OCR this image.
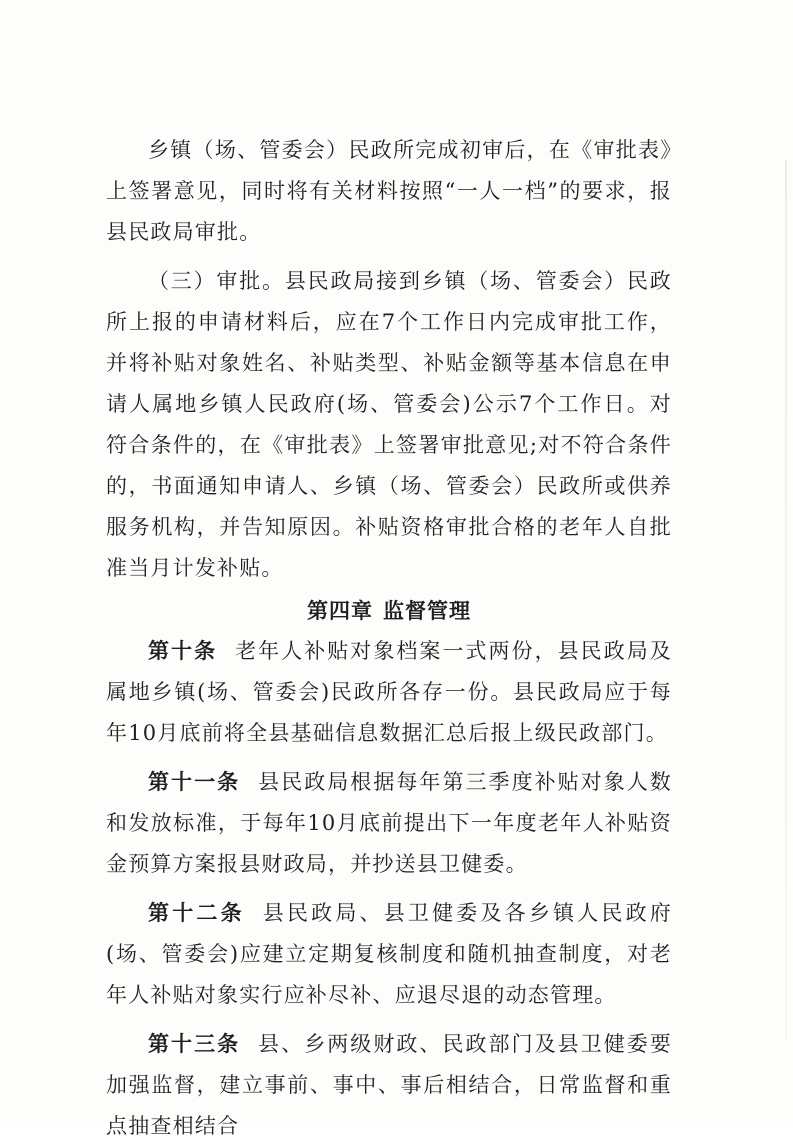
乡镇（场、管委会）民政所完成初审后，在《审批表》上签署意见，同时将有关材料按照“一人一档”的要求，报县民政局审批。

（三）审批。县民政局接到乡镇（场、管委会）民政所上报的申请材料后，应在7个工作日内完成审批工作，并将补贴对象姓名、补贴类型、补贴金额等基本信息在申请人属地乡镇人民政府(场、管委会)公示7个工作日。对符合条件的，在《审批表》上签署审批意见;对不符合条件的，书面通知申请人、乡镇（场、管委会）民政所或供养服务机构，并告知原因。补贴资格审批合格的老年人自批准当月计发补贴。

第四章 监督管理

第十条 老年人补贴对象档案一式两份，县民政局及属地乡镇(场、管委会)民政所各存一份。县民政局应于每年10月底前将全县基础信息数据汇总后报上级民政部门。

第十一条 县民政局根据每年第三季度补贴对象人数和发放标准，于每年10月底前提出下一年度老年人补贴资金预算方案报县财政局，并抄送县卫健委。

第十二条 县民政局、县卫健委及各乡镇人民政府(场、管委会)应建立定期复核制度和随机抽查制度，对老年人补贴对象实行应补尽补、应退尽退的动态管理。

第十三条 县、乡两级财政、民政部门及县卫健委要加强监督，建立事前、事中、事后相结合，日常监督和重点抽查相结合
